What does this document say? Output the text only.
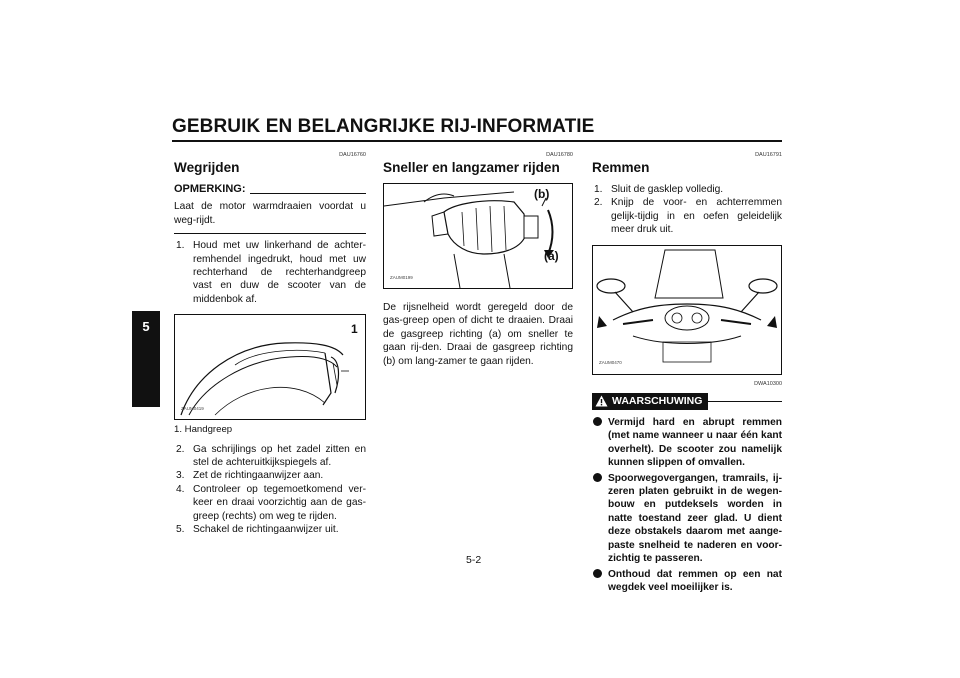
GEBRUIK EN BELANGRIJKE RIJ-INFORMATIE
5
DAU16760
Wegrijden
OPMERKING:

Laat de motor warmdraaien voordat u weg-rijdt.

1. Houd met uw linkerhand de achter-remhendel ingedrukt, houd met uw rechterhand de rechterhandgreep vast en duw de scooter van de middenbok af.
1
ZAUM0419
1. Handgreep
2. Ga schrijlings op het zadel zitten en stel de achteruitkijkspiegels af.
3. Zet de richtingaanwijzer aan.
4. Controleer op tegemoetkomend ver-keer en draai voorzichtig aan de gas-greep (rechts) om weg te rijden.
5. Schakel de richtingaanwijzer uit.
DAU16780
Sneller en langzamer rijden
(b)
(a)
ZAUM0199

De rijsnelheid wordt geregeld door de gas-greep open of dicht te draaien. Draai de gasgreep richting (a) om sneller te gaan rij-den. Draai de gasgreep richting (b) om lang-zamer te gaan rijden.

DAU16791
Remmen
1. Sluit de gasklep volledig.
2. Knijp de voor- en achterremmen gelijk-tijdig in en oefen geleidelijk meer druk uit.
ZAUM0470
DWA10300
WAARSCHUWING
Vermijd hard en abrupt remmen (met name wanneer u naar één kant overhelt). De scooter zou namelijk kunnen slippen of omvallen.
Spoorwegovergangen, tramrails, ij-zeren platen gebruikt in de wegen-bouw en putdeksels worden in natte toestand zeer glad. U dient deze obstakels daarom met aange-paste snelheid te naderen en voor-zichtig te passeren.
Onthoud dat remmen op een nat wegdek veel moeilijker is.
5-2
